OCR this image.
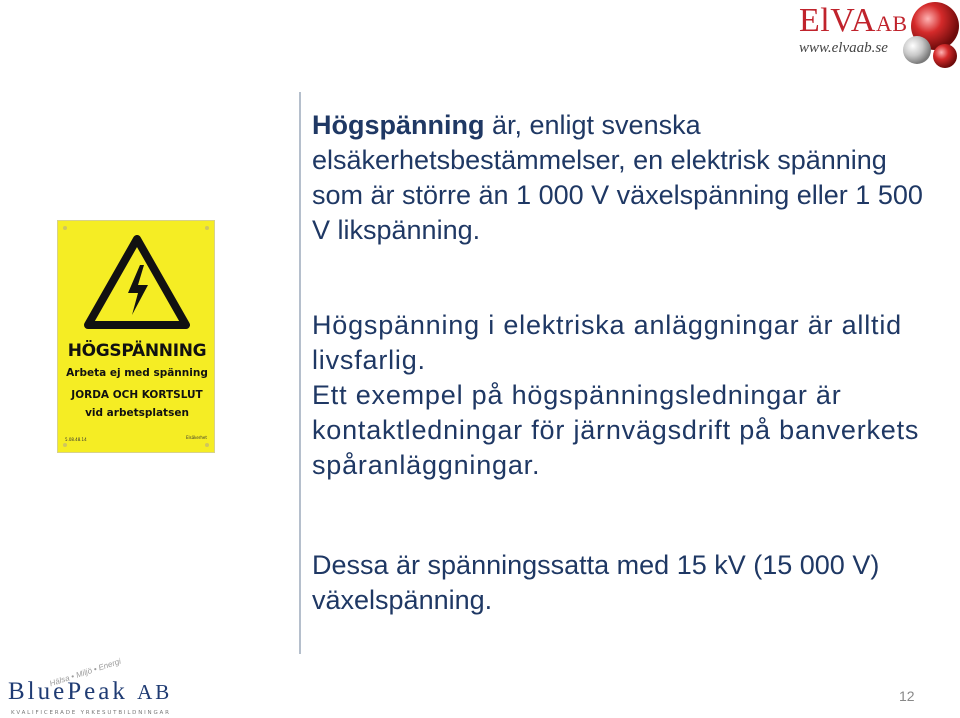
ElVAAB
www.elvaab.se
HÖGSPÄNNING
Arbeta ej med spänning
JORDA OCH KORTSLUT
vid arbetsplatsen
5.08.48.14	Elsäkerhet
Högspänning är, enligt svenska elsäkerhetsbestämmelser, en elektrisk spänning som är större än 1 000 V växelspänning eller 1 500 V likspänning.
Högspänning i elektriska anläggningar är alltid livsfarlig.
Ett exempel på högspänningsledningar är kontaktledningar för järnvägsdrift på banverkets spåranläggningar.
Dessa är spänningssatta med 15 kV (15 000 V) växelspänning.
Hälsa • Miljö • Energi
BluePeak AB
KVALIFICERADE YRKESUTBILDNINGAR
12
